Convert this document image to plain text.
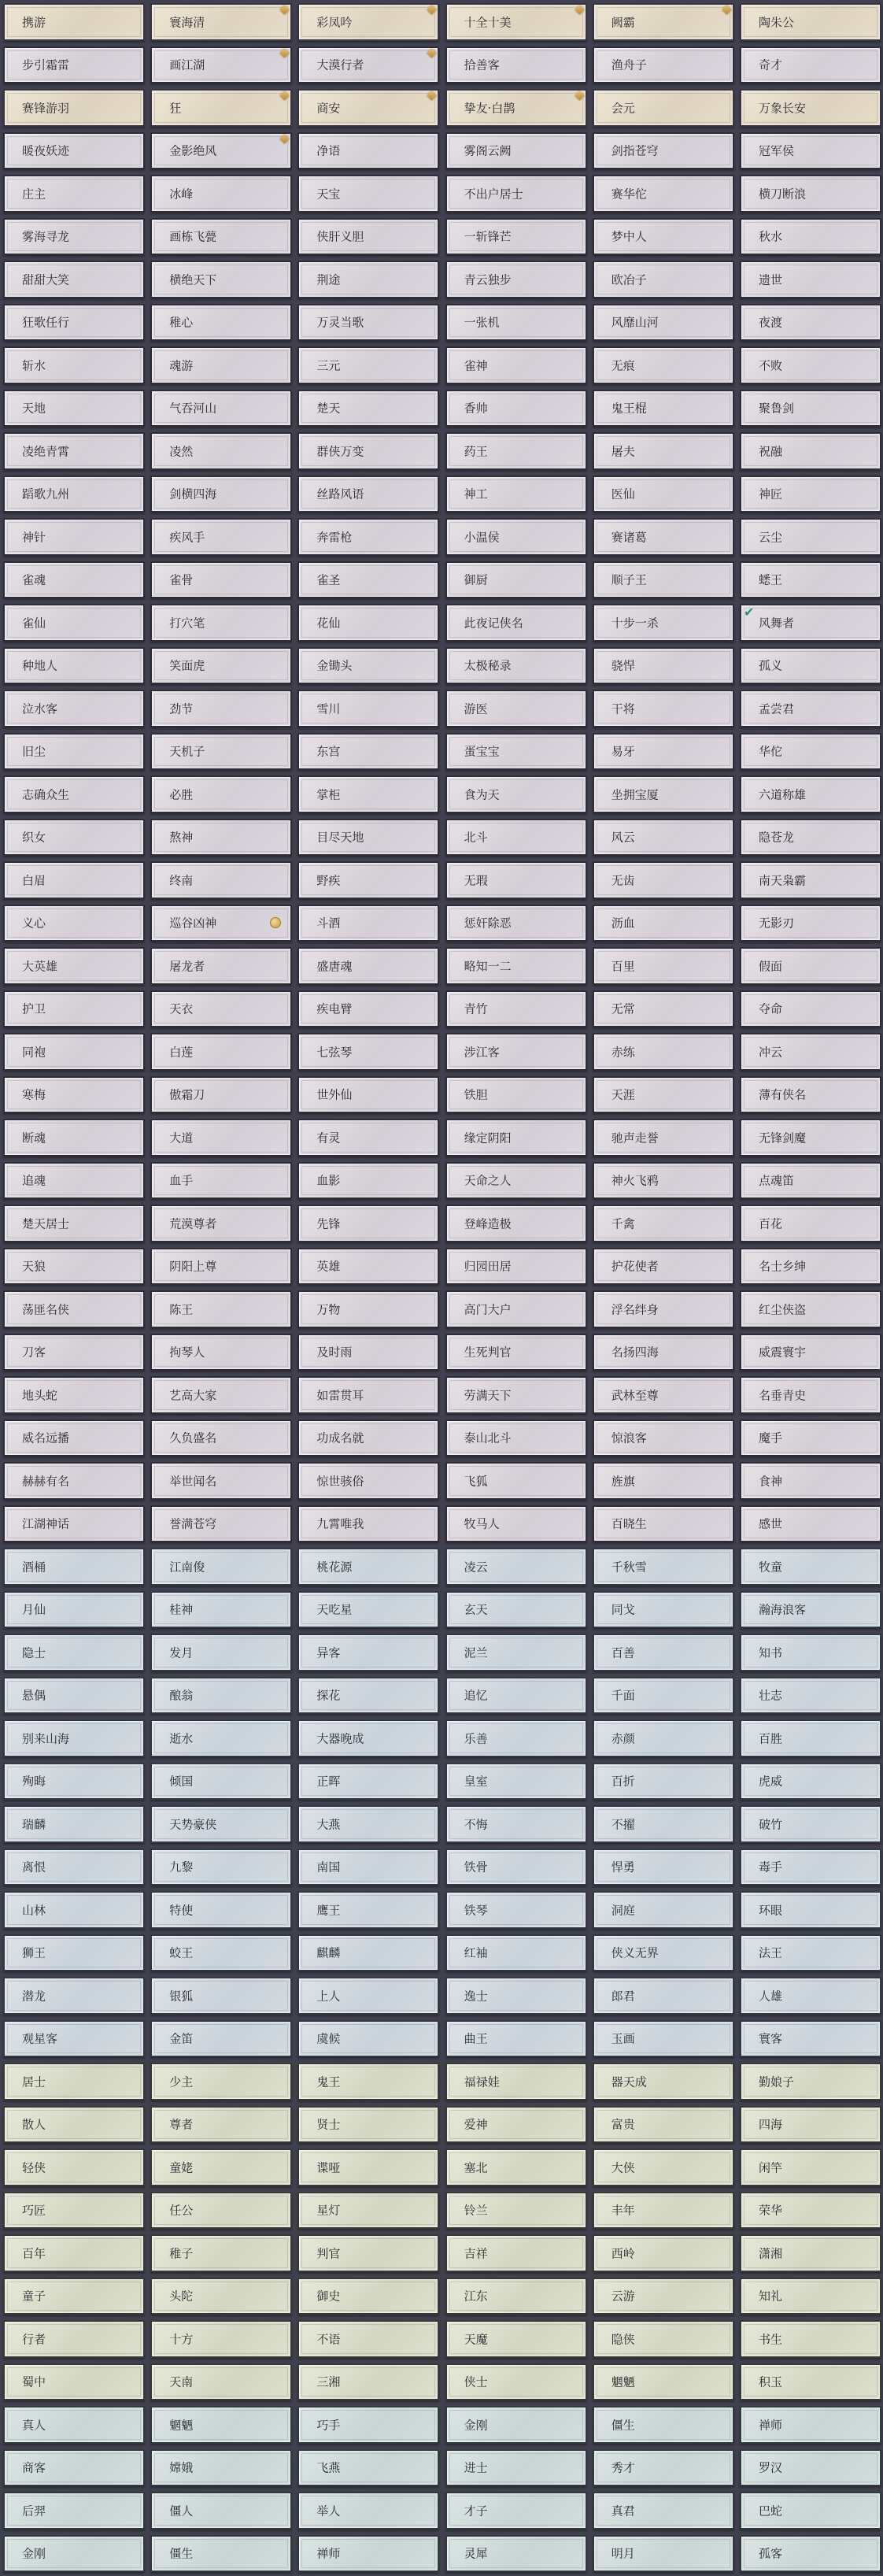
携游	寰海清	彩凤吟	十全十美	阙霸	陶朱公
步引霜雷	画江湖	大漠行者	拾善客	渔舟子	奇才
赛锋游羽	狂	商安	挚友·白鹊	会元	万象长安
暖夜妖迹	金影绝风	净语	雾阁云阙	剑指苍穹	冠军侯
庄主	冰峰	天宝	不出户居士	赛华佗	横刀断浪
雾海寻龙	画栋飞甍	侠肝义胆	一斩锋芒	梦中人	秋水
甜甜大笑	横绝天下	荆途	青云独步	欧冶子	遗世
狂歌任行	稚心	万灵当歌	一张机	风靡山河	夜渡
斩水	魂游	三元	雀神	无痕	不败
天地	气吞河山	楚天	香帅	鬼王棍	聚鲁剑
凌绝青霄	凌然	群侠万变	药王	屠夫	祝融
蹈歌九州	剑横四海	丝路风语	神工	医仙	神匠
神针	疾风手	奔雷枪	小温侯	赛诸葛	云尘
雀魂	雀骨	雀圣	御厨	顺子王	蟋王
雀仙	打穴笔	花仙	此夜记侠名	十步一杀	风舞者
✔
种地人	笑面虎	金锄头	太极秘录	骁悍	孤义
泣水客	劲节	雪川	游医	干将	孟尝君
旧尘	天机子	东宫	蛋宝宝	易牙	华佗
志确众生	必胜	掌柜	食为天	坐拥宝厦	六道称雄
织女	熬神	目尽天地	北斗	风云	隐苍龙
白眉	终南	野疾	无瑕	无齿	南天枭霸
义心	巡谷凶神	斗酒	惩奸除恶	沥血	无影刃
大英雄	屠龙者	盛唐魂	略知一二	百里	假面
护卫	天衣	疾电臂	青竹	无常	夺命
同袍	白莲	七弦琴	涉江客	赤练	冲云
寒梅	傲霜刀	世外仙	铁胆	天涯	薄有侠名
断魂	大道	有灵	缘定阴阳	驰声走誉	无锋剑魔
追魂	血手	血影	天命之人	神火飞鸦	点魂笛
楚天居士	荒漠尊者	先锋	登峰造极	千禽	百花
天狼	阴阳上尊	英雄	归园田居	护花使者	名士乡绅
荡匪名侠	陈王	万物	高门大户	浮名绊身	红尘侠盗
刀客	拘琴人	及时雨	生死判官	名扬四海	威震寰宇
地头蛇	艺高大家	如雷贯耳	劳满天下	武林至尊	名垂青史
威名远播	久负盛名	功成名就	泰山北斗	惊浪客	魔手
赫赫有名	举世闻名	惊世骇俗	飞狐	旌旗	食神
江湖神话	誉满苍穹	九霄唯我	牧马人	百晓生	感世
酒桶	江南俊	桃花源	凌云	千秋雪	牧童
月仙	桂神	天吃星	玄天	同戈	瀚海浪客
隐士	发月	异客	泥兰	百善	知书
悬偶	酿翁	探花	追忆	千面	壮志
别来山海	逝水	大器晚成	乐善	赤颜	百胜
殉晦	倾国	正晖	皇室	百折	虎威
瑞麟	天势豪侠	大燕	不悔	不擢	破竹
离恨	九黎	南国	铁骨	悍勇	毒手
山林	特使	鹰王	铁琴	洞庭	环眼
狮王	蛟王	麒麟	红袖	侠义无界	法王
潜龙	银狐	上人	逸士	郎君	人雄
观星客	金笛	虞候	曲王	玉画	寰客
居士	少主	鬼王	福禄娃	器天成	勤娘子
散人	尊者	贤士	爱神	富贵	四海
轻侠	童姥	谍哑	塞北	大侠	闲竿
巧匠	任公	星灯	铃兰	丰年	荣华
百年	稚子	判官	吉祥	西岭	潇湘
童子	头陀	御史	江东	云游	知礼
行者	十方	不语	天魔	隐侠	书生
蜀中	天南	三湘	侠士	魍魉	积玉
真人	魍魉	巧手	金刚	僵生	禅师
商客	嫦娥	飞燕	进士	秀才	罗汉
后羿	僵人	举人	才子	真君	巴蛇
金刚	僵生	禅师	灵犀	明月	孤客
